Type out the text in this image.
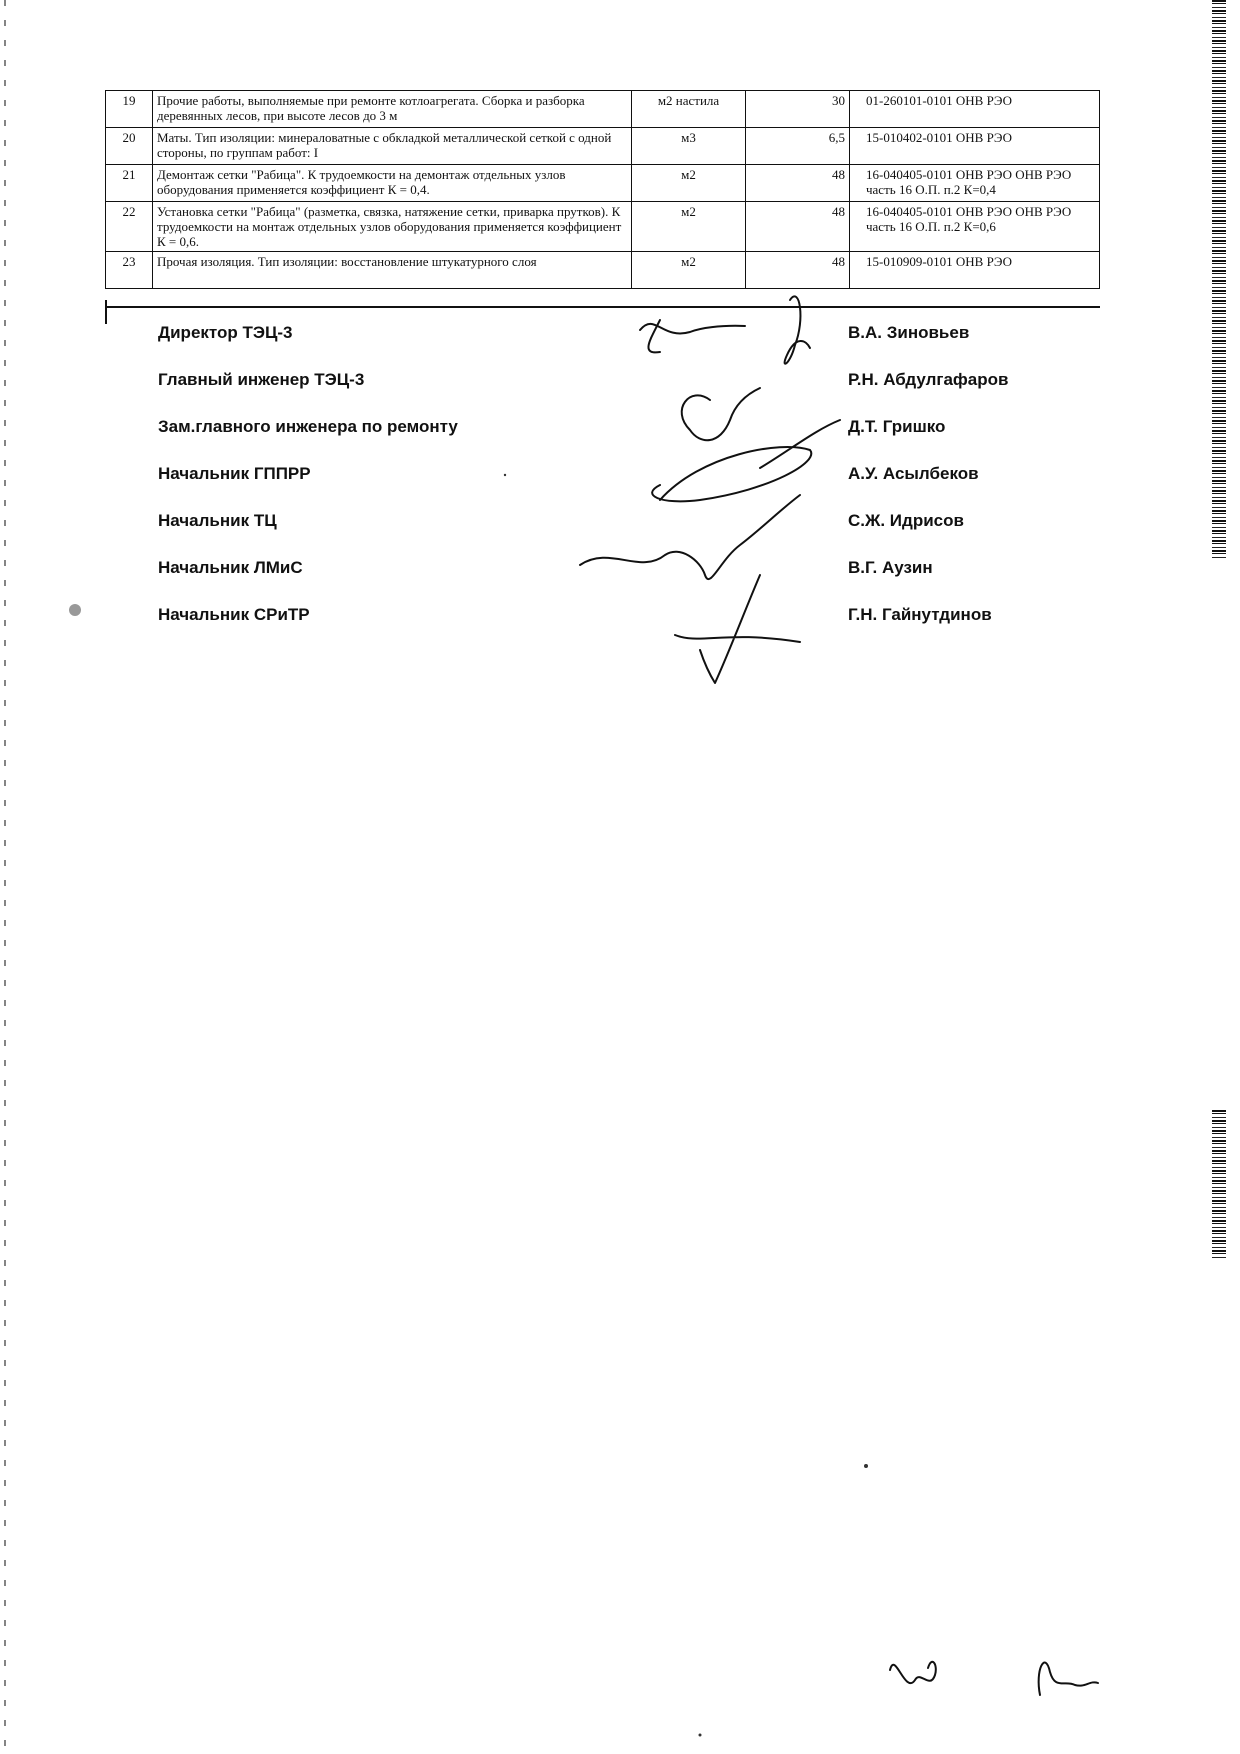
19	Прочие работы, выполняемые при ремонте котлоагрегата. Сборка и разборка деревянных лесов, при высоте лесов до 3 м	м2 настила	30	01-260101-0101 ОНВ РЭО
20	Маты. Тип изоляции: минераловатные с обкладкой металлической сеткой с одной стороны, по группам работ: I	м3	6,5	15-010402-0101 ОНВ РЭО
21	Демонтаж сетки "Рабица". К трудоемкости на демонтаж отдельных узлов оборудования применяется коэффициент К = 0,4.	м2	48	16-040405-0101 ОНВ РЭО ОНВ РЭО часть 16 О.П. п.2 К=0,4
22	Установка сетки "Рабица" (разметка, связка, натяжение сетки, приварка прутков). К трудоемкости на монтаж отдельных узлов оборудования применяется коэффициент К = 0,6.	м2	48	16-040405-0101 ОНВ РЭО ОНВ РЭО часть 16 О.П. п.2 К=0,6
23	Прочая изоляция. Тип изоляции: восстановление штукатурного слоя	м2	48	15-010909-0101 ОНВ РЭО
Директор ТЭЦ-3	В.А. Зиновьев
Главный инженер ТЭЦ-3	Р.Н. Абдулгафаров
Зам.главного инженера по ремонту	Д.Т. Гришко
Начальник ГППРР	А.У. Асылбеков
Начальник ТЦ	С.Ж. Идрисов
Начальник ЛМиС	В.Г. Аузин
Начальник СРиТР	Г.Н. Гайнутдинов
